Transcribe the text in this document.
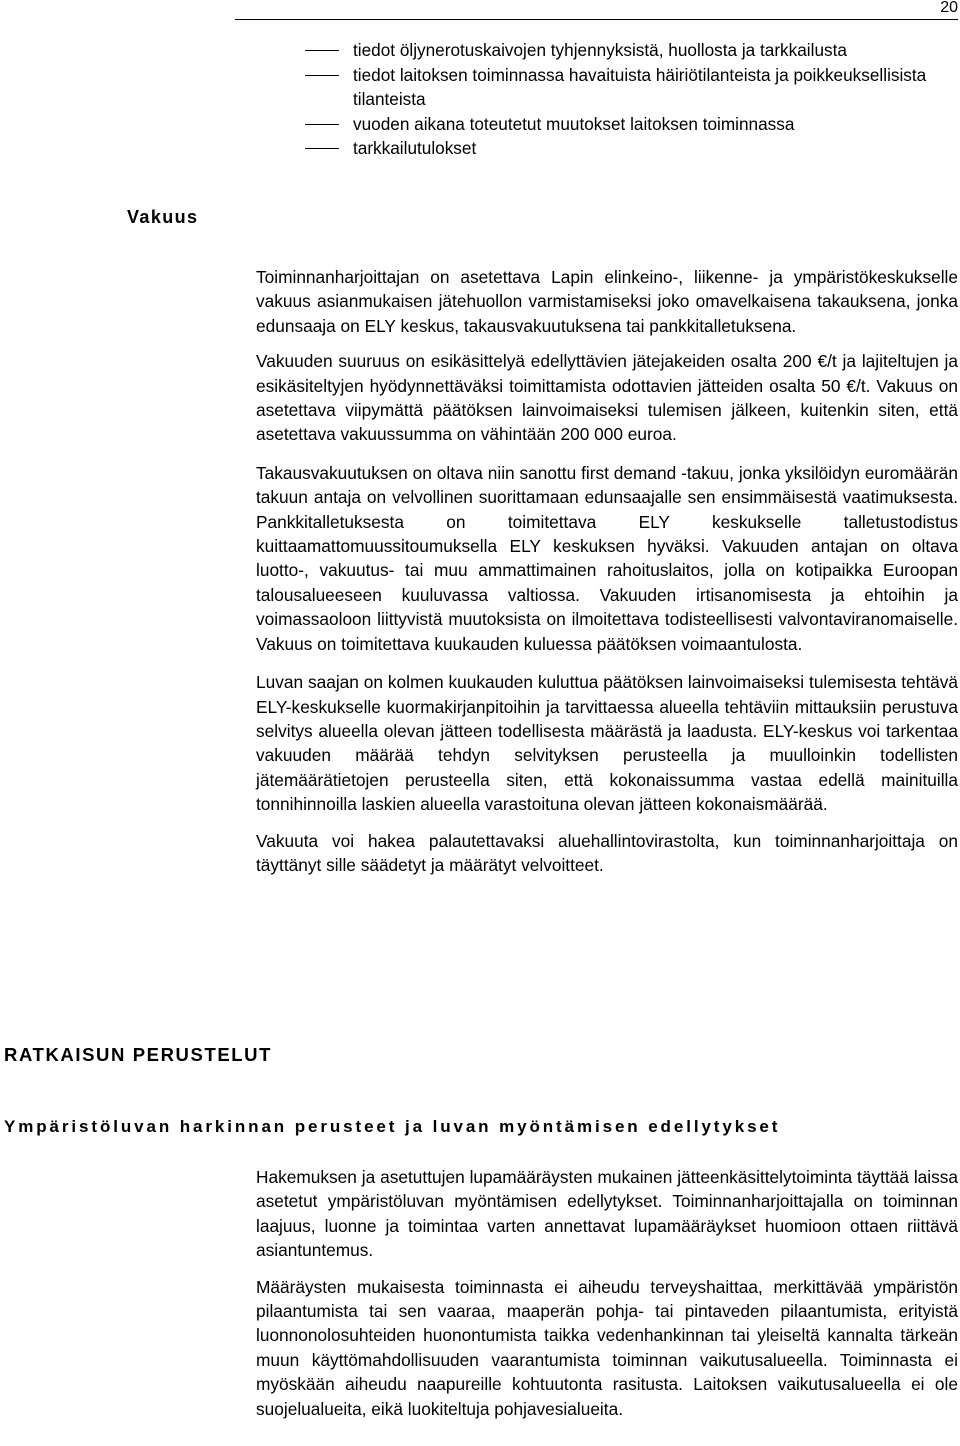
20
tiedot öljynerotuskaivojen tyhjennyksistä, huollosta ja tarkkailusta
tiedot laitoksen toiminnassa havaituista häiriötilanteista ja poikkeuksellisista tilanteista
vuoden aikana toteutetut muutokset laitoksen toiminnassa
tarkkailutulokset
Vakuus

Toiminnanharjoittajan on asetettava Lapin elinkeino-, liikenne- ja ympäristökeskukselle vakuus asianmukaisen jätehuollon varmistamiseksi joko omavelkaisena takauksena, jonka edunsaaja on ELY keskus, takausvakuutuksena tai pankkitalletuksena.

Vakuuden suuruus on esikäsittelyä edellyttävien jätejakeiden osalta 200 €/t ja lajiteltujen ja esikäsiteltyjen hyödynnettäväksi toimittamista odottavien jätteiden osalta 50 €/t. Vakuus on asetettava viipymättä päätöksen lainvoimaiseksi tulemisen jälkeen, kuitenkin siten, että asetettava vakuussumma on vähintään 200 000 euroa.

Takausvakuutuksen on oltava niin sanottu first demand -takuu, jonka yksilöidyn euromäärän takuun antaja on velvollinen suorittamaan edunsaajalle sen ensimmäisestä vaatimuksesta. Pankkitalletuksesta on toimitettava ELY keskukselle talletustodistus kuittaamattomuussitoumuksella ELY keskuksen hyväksi. Vakuuden antajan on oltava luotto-, vakuutus- tai muu ammattimainen rahoituslaitos, jolla on kotipaikka Euroopan talousalueeseen kuuluvassa valtiossa. Vakuuden irtisanomisesta ja ehtoihin ja voimassaoloon liittyvistä muutoksista on ilmoitettava todisteellisesti valvontaviranomaiselle. Vakuus on toimitettava kuukauden kuluessa päätöksen voimaantulosta.

Luvan saajan on kolmen kuukauden kuluttua päätöksen lainvoimaiseksi tulemisesta tehtävä ELY-keskukselle kuormakirjanpitoihin ja tarvittaessa alueella tehtäviin mittauksiin perustuva selvitys alueella olevan jätteen todellisesta määrästä ja laadusta. ELY-keskus voi tarkentaa vakuuden määrää tehdyn selvityksen perusteella ja muulloinkin todellisten jätemäärätietojen perusteella siten, että kokonaissumma vastaa edellä mainituilla tonnihinnoilla laskien alueella varastoituna olevan jätteen kokonaismäärää.

Vakuuta voi hakea palautettavaksi aluehallintovirastolta, kun toiminnanharjoittaja on täyttänyt sille säädetyt ja määrätyt velvoitteet.

RATKAISUN PERUSTELUT
Ympäristöluvan harkinnan perusteet ja luvan myöntämisen edellytykset

Hakemuksen ja asetuttujen lupamääräysten mukainen jätteenkäsittelytoiminta täyttää laissa asetetut ympäristöluvan myöntämisen edellytykset. Toiminnanharjoittajalla on toiminnan laajuus, luonne ja toimintaa varten annettavat lupamääräykset huomioon ottaen riittävä asiantuntemus.

Määräysten mukaisesta toiminnasta ei aiheudu terveyshaittaa, merkittävää ympäristön pilaantumista tai sen vaaraa, maaperän pohja- tai pintaveden pilaantumista, erityistä luonnonolosuhteiden huonontumista taikka vedenhankinnan tai yleiseltä kannalta tärkeän muun käyttömahdollisuuden vaarantumista toiminnan vaikutusalueella. Toiminnasta ei myöskään aiheudu naapureille kohtuutonta rasitusta. Laitoksen vaikutusalueella ei ole suojelualueita, eikä luokiteltuja pohjavesialueita.
